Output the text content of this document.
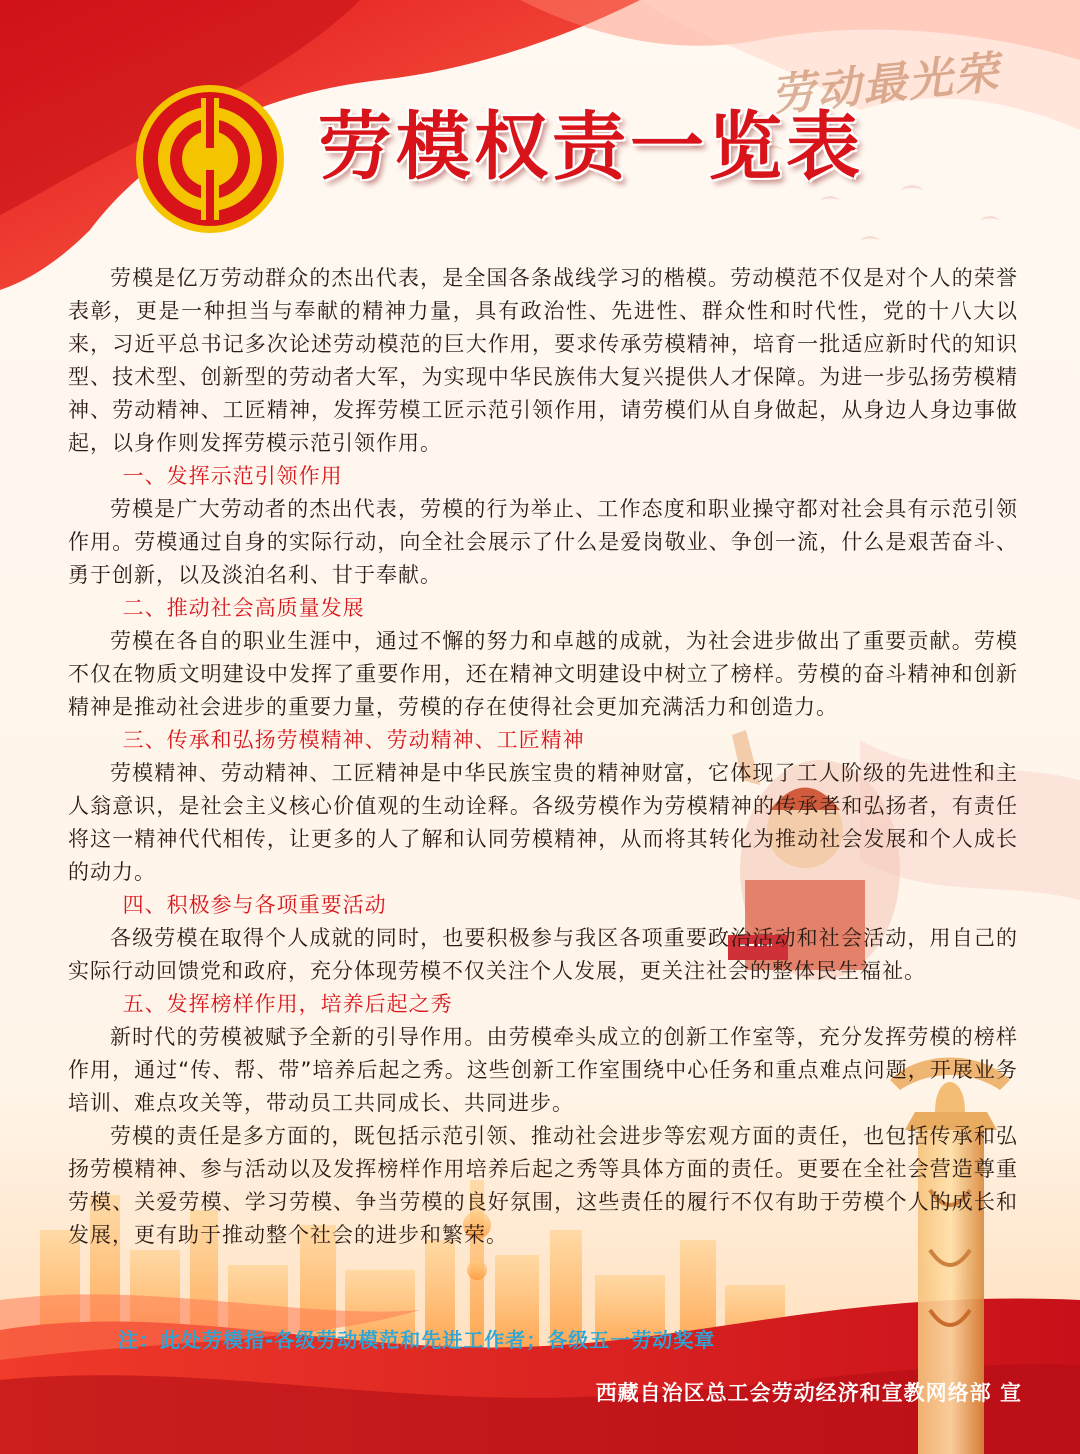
劳动最光荣

劳模权责一览表

劳模是亿万劳动群众的杰出代表，是全国各条战线学习的楷模。劳动模范不仅是对个人的荣誉表彰，更是一种担当与奉献的精神力量，具有政治性、先进性、群众性和时代性，党的十八大以来，习近平总书记多次论述劳动模范的巨大作用，要求传承劳模精神，培育一批适应新时代的知识型、技术型、创新型的劳动者大军，为实现中华民族伟大复兴提供人才保障。为进一步弘扬劳模精神、劳动精神、工匠精神，发挥劳模工匠示范引领作用，请劳模们从自身做起，从身边人身边事做起，以身作则发挥劳模示范引领作用。

一、发挥示范引领作用

劳模是广大劳动者的杰出代表，劳模的行为举止、工作态度和职业操守都对社会具有示范引领作用。劳模通过自身的实际行动，向全社会展示了什么是爱岗敬业、争创一流，什么是艰苦奋斗、勇于创新，以及淡泊名利、甘于奉献。

二、推动社会高质量发展

劳模在各自的职业生涯中，通过不懈的努力和卓越的成就，为社会进步做出了重要贡献。劳模不仅在物质文明建设中发挥了重要作用，还在精神文明建设中树立了榜样。劳模的奋斗精神和创新精神是推动社会进步的重要力量，劳模的存在使得社会更加充满活力和创造力。

三、传承和弘扬劳模精神、劳动精神、工匠精神

劳模精神、劳动精神、工匠精神是中华民族宝贵的精神财富，它体现了工人阶级的先进性和主人翁意识，是社会主义核心价值观的生动诠释。各级劳模作为劳模精神的传承者和弘扬者，有责任将这一精神代代相传，让更多的人了解和认同劳模精神，从而将其转化为推动社会发展和个人成长的动力。

四、积极参与各项重要活动

各级劳模在取得个人成就的同时，也要积极参与我区各项重要政治活动和社会活动，用自己的实际行动回馈党和政府，充分体现劳模不仅关注个人发展，更关注社会的整体民生福祉。

五、发挥榜样作用，培养后起之秀

新时代的劳模被赋予全新的引导作用。由劳模牵头成立的创新工作室等，充分发挥劳模的榜样作用，通过“传、帮、带”培养后起之秀。这些创新工作室围绕中心任务和重点难点问题，开展业务培训、难点攻关等，带动员工共同成长、共同进步。

劳模的责任是多方面的，既包括示范引领、推动社会进步等宏观方面的责任，也包括传承和弘扬劳模精神、参与活动以及发挥榜样作用培养后起之秀等具体方面的责任。更要在全社会营造尊重劳模、关爱劳模、学习劳模、争当劳模的良好氛围，这些责任的履行不仅有助于劳模个人的成长和发展，更有助于推动整个社会的进步和繁荣。

注：此处劳模指-各级劳动模范和先进工作者；各级五一劳动奖章

西藏自治区总工会劳动经济和宣教网络部 宣
